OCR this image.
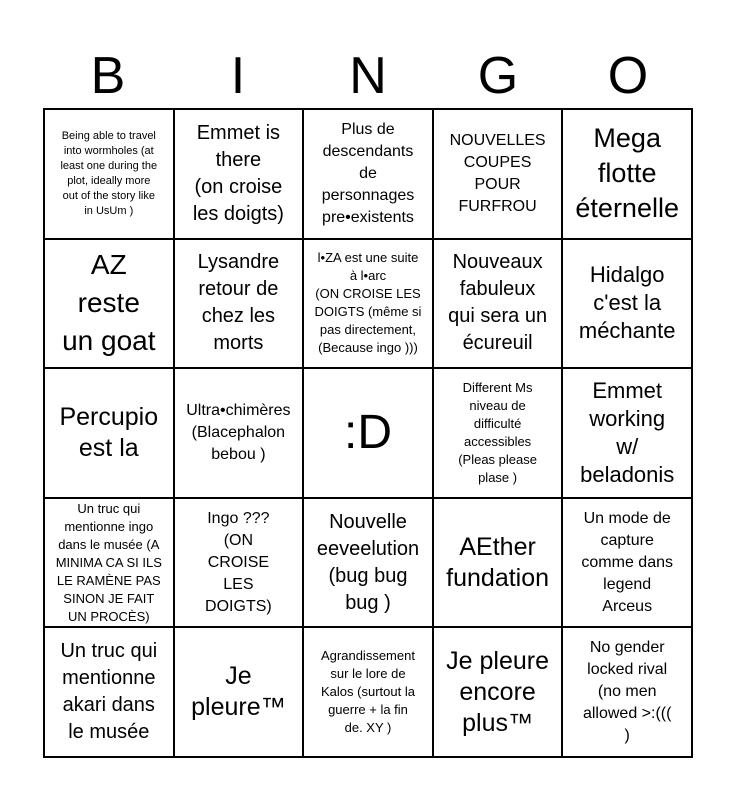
B	I	N	G	O
Being able to travel
into wormholes (at
least one during the
plot, ideally more
out of the story like
in UsUm )
Emmet is
there
(on croise
les doigts)
Plus de
descendants
de
personnages
pre•existents
NOUVELLES
COUPES
POUR
FURFROU
Mega
flotte
éternelle
AZ
reste
un goat
Lysandre
retour de
chez les
morts
l•ZA est une suite
à l•arc
(ON CROISE LES
DOIGTS (même si
pas directement,
(Because ingo )))
Nouveaux
fabuleux
qui sera un
écureuil
Hidalgo
c'est la
méchante
Percupio
est la
Ultra•chimères
(Blacephalon
bebou )	:D
Different Ms
niveau de
difficulté
accessibles
(Pleas please
plase )
Emmet
working
w/
beladonis
Un truc qui
mentionne ingo
dans le musée (A
MINIMA CA SI ILS
LE RAMÈNE PAS
SINON JE FAIT
UN PROCÈS)
Ingo ???
(ON
CROISE
LES
DOIGTS)
Nouvelle
eeveelution
(bug bug
bug )
AEther
fundation
Un mode de
capture
comme dans
legend
Arceus
Un truc qui
mentionne
akari dans
le musée
Je
pleure™
Agrandissement
sur le lore de
Kalos (surtout la
guerre + la fin
de. XY )
Je pleure
encore
plus™
No gender
locked rival
(no men
allowed >:(((
)
